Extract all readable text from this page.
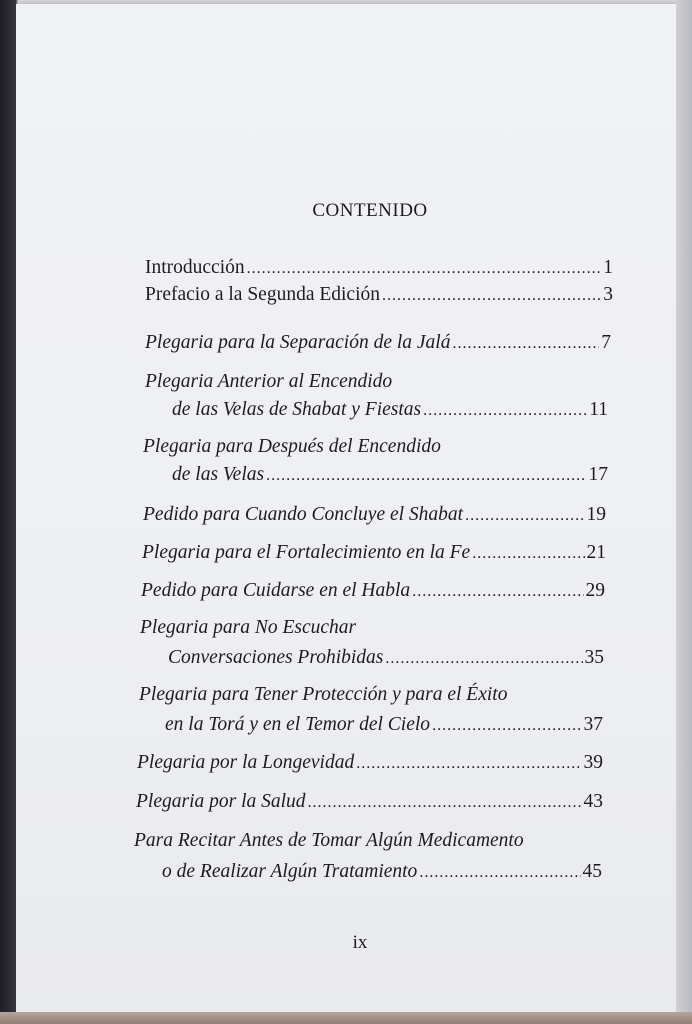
CONTENIDO
Introducción .....	1
Prefacio a la Segunda Edición .....	3
Plegaria para la Separación de la Jalá .....	7
Plegaria Anterior al Encendido
de las Velas de Shabat y Fiestas .....	11
Plegaria para Después del Encendido
de las Velas .....	17
Pedido para Cuando Concluye el Shabat .....	19
Plegaria para el Fortalecimiento en la Fe .....	21
Pedido para Cuidarse en el Habla .....	29
Plegaria para No Escuchar
Conversaciones Prohibidas .....	35
Plegaria para Tener Protección y para el Éxito
en la Torá y en el Temor del Cielo .....	37
Plegaria por la Longevidad .....	39
Plegaria por la Salud .....	43
Para Recitar Antes de Tomar Algún Medicamento
o de Realizar Algún Tratamiento .....	45
ix
